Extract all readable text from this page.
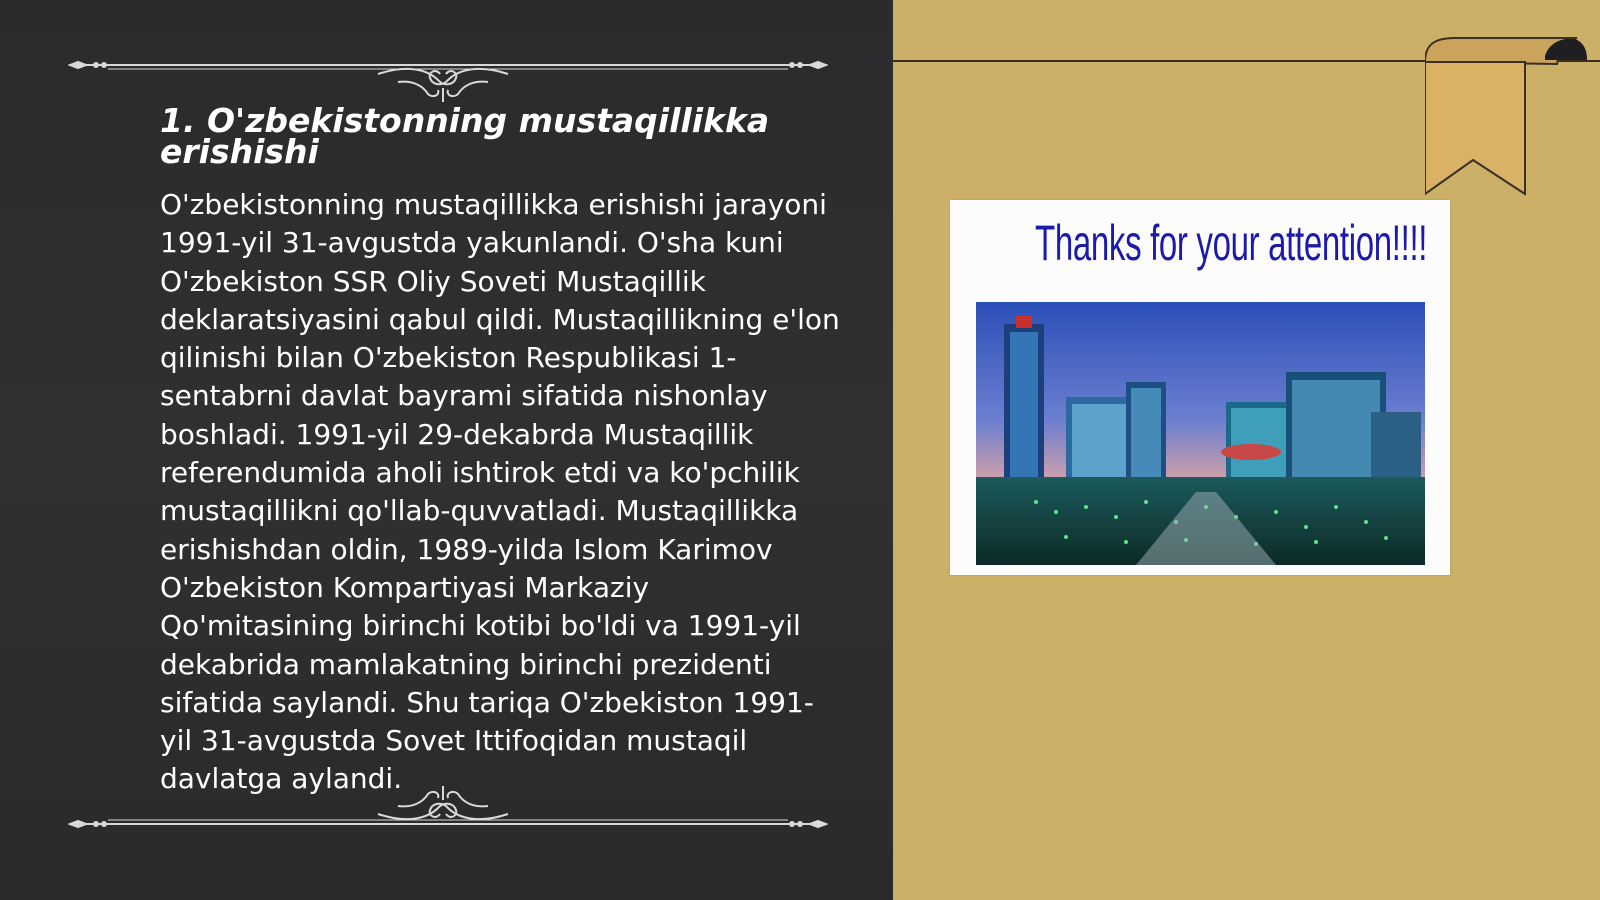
1. O'zbekistonning mustaqillikka erishishi

O'zbekistonning mustaqillikka erishishi jarayoni 1991-yil 31-avgustda yakunlandi. O'sha kuni O'zbekiston SSR Oliy Soveti Mustaqillik deklaratsiyasini qabul qildi. Mustaqillikning e'lon qilinishi bilan O'zbekiston Respublikasi 1-sentabrni davlat bayrami sifatida nishonlay boshladi. 1991-yil 29-dekabrda Mustaqillik referendumida aholi ishtirok etdi va ko'pchilik mustaqillikni qo'llab-quvvatladi. Mustaqillikka erishishdan oldin, 1989-yilda Islom Karimov O'zbekiston Kompartiyasi Markaziy Qo'mitasining birinchi kotibi bo'ldi va 1991-yil dekabrida mamlakatning birinchi prezidenti sifatida saylandi. Shu tariqa O'zbekiston 1991-yil 31-avgustda Sovet Ittifoqidan mustaqil davlatga aylandi.

Thanks for your attention!!!!
